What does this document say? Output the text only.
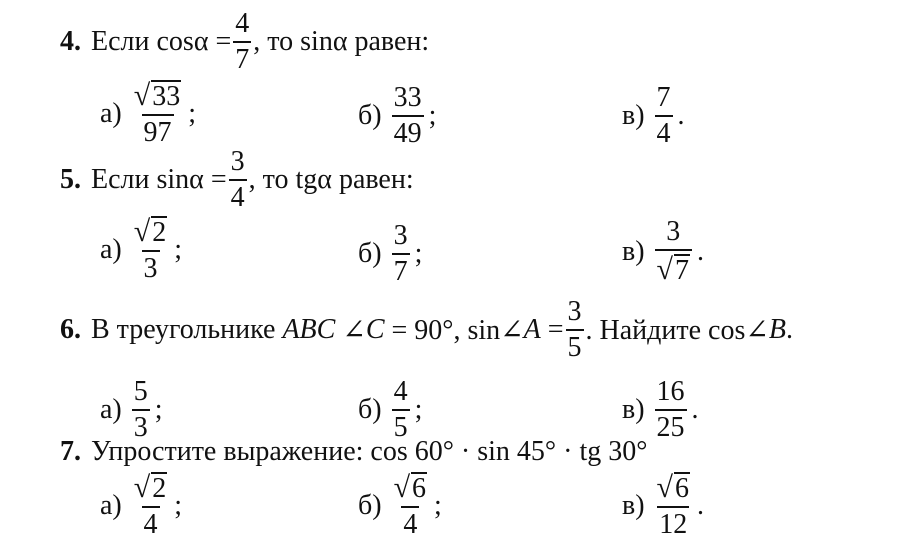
4. Если $\cos\alpha = \frac{4}{7}$ , то sinα равен:
$а) \frac{√ 33}{97}$ ;	$б) \frac{33}{49}$ ;	$в) \frac{7}{4}$ .
5. Если $\sin\alpha = \frac{3}{4}$ , то tgα равен:
$а) \frac{√ 2}{3}$ ;	$б) \frac{3}{7}$ ;	$в) \frac{3}{√ 7}$ .
6. В треугольнике
ABC
∠ C
= 90°, sin∠ A
= $\frac{3}{5}$ . Найдите cos∠ B .
$а) \frac{5}{3}$ ;	$б) \frac{4}{5}$ ;	$в) \frac{16}{25}$ .
7. Упростите выражение: cos 60° · sin 45° · tg 30°
$а) \frac{√ 2}{4}$ ;	$б) \frac{√ 6}{4}$ ;	$в) \frac{√ 6}{12}$ .
